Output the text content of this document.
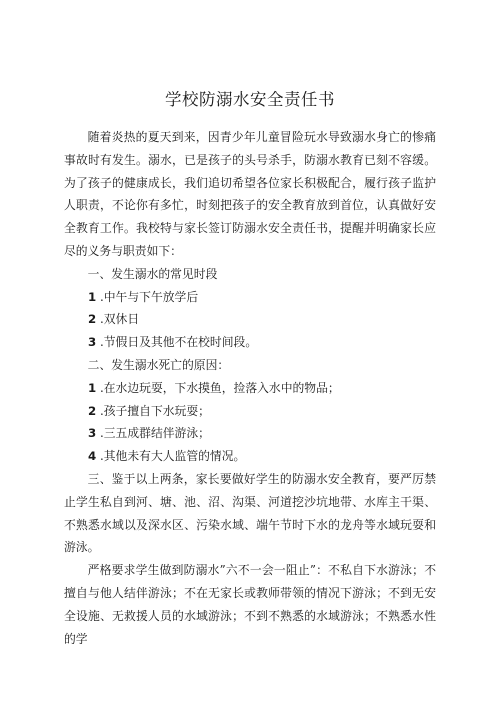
学校防溺水安全责任书

随着炎热的夏天到来，因青少年儿童冒险玩水导致溺水身亡的惨痛事故时有发生。溺水，已是孩子的头号杀手，防溺水教育已刻不容缓。为了孩子的健康成长，我们追切希望各位家长积极配合，履行孩子监护人职责，不论你有多忙，时刻把孩子的安全教育放到首位，认真做好安全教育工作。我校特与家长签订防溺水安全责任书，提醒并明确家长应尽的义务与职责如下：

一、发生溺水的常见时段

1 .中午与下午放学后

2 .双休日

3 .节假日及其他不在校时间段。

二、发生溺水死亡的原因：

1 .在水边玩耍，下水摸鱼，捡落入水中的物品；

2 .孩子擅自下水玩耍；

3 .三五成群结伴游泳；

4 .其他未有大人监管的情况。

三、鉴于以上两条，家长要做好学生的防溺水安全教育，要严厉禁止学生私自到河、塘、池、沼、沟渠、河道挖沙坑地带、水库主干渠、不熟悉水域以及深水区、污染水域、端午节时下水的龙舟等水域玩耍和游泳。

严格要求学生做到防溺水”六不一会一阻止”：不私自下水游泳；不擅自与他人结伴游泳；不在无家长或教师带领的情况下游泳；不到无安全设施、无救援人员的水域游泳；不到不熟悉的水域游泳；不熟悉水性的学
